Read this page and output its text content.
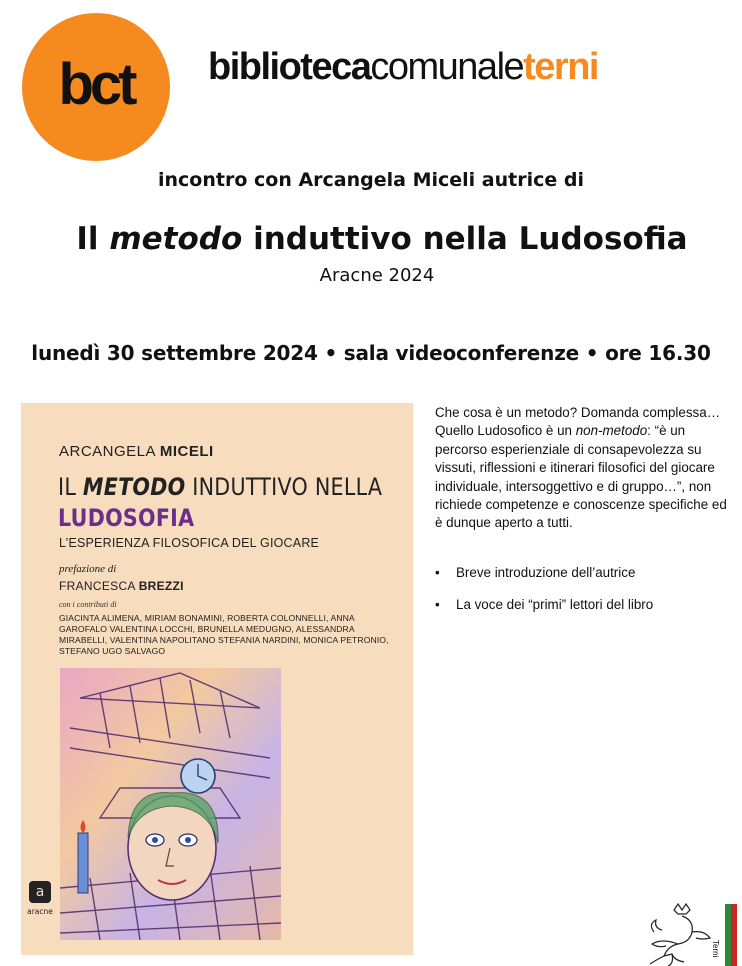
bct bibliotecacomunaleterni
incontro con Arcangela Miceli autrice di
Il metodo induttivo nella Ludosofia
Aracne 2024
lunedì 30 settembre 2024 • sala videoconferenze • ore 16.30
ARCANGELA MICELI
IL METODO INDUTTIVO NELLA
LUDOSOFIA
L’ESPERIENZA FILOSOFICA DEL GIOCARE
prefazione di
FRANCESCA BREZZI
con i contributi di
GIACINTA ALIMENA, MIRIAM BONAMINI, ROBERTA COLONNELLI, ANNA GAROFALO VALENTINA LOCCHI, BRUNELLA MEDUGNO, ALESSANDRA MIRABELLI, VALENTINA NAPOLITANO STEFANIA NARDINI, MONICA PETRONIO, STEFANO UGO SALVAGO
a
aracne
Che cosa è un metodo? Domanda complessa…Quello Ludosofico è un non-metodo: “è un percorso esperienziale di consapevolezza su vissuti, riflessioni e itinerari filosofici del giocare individuale, intersoggettivo e di gruppo…”, non richiede competenze e conoscenze specifiche ed è dunque aperto a tutti.
• Breve introduzione dell’autrice
• La voce dei “primi” lettori del libro
Terni
